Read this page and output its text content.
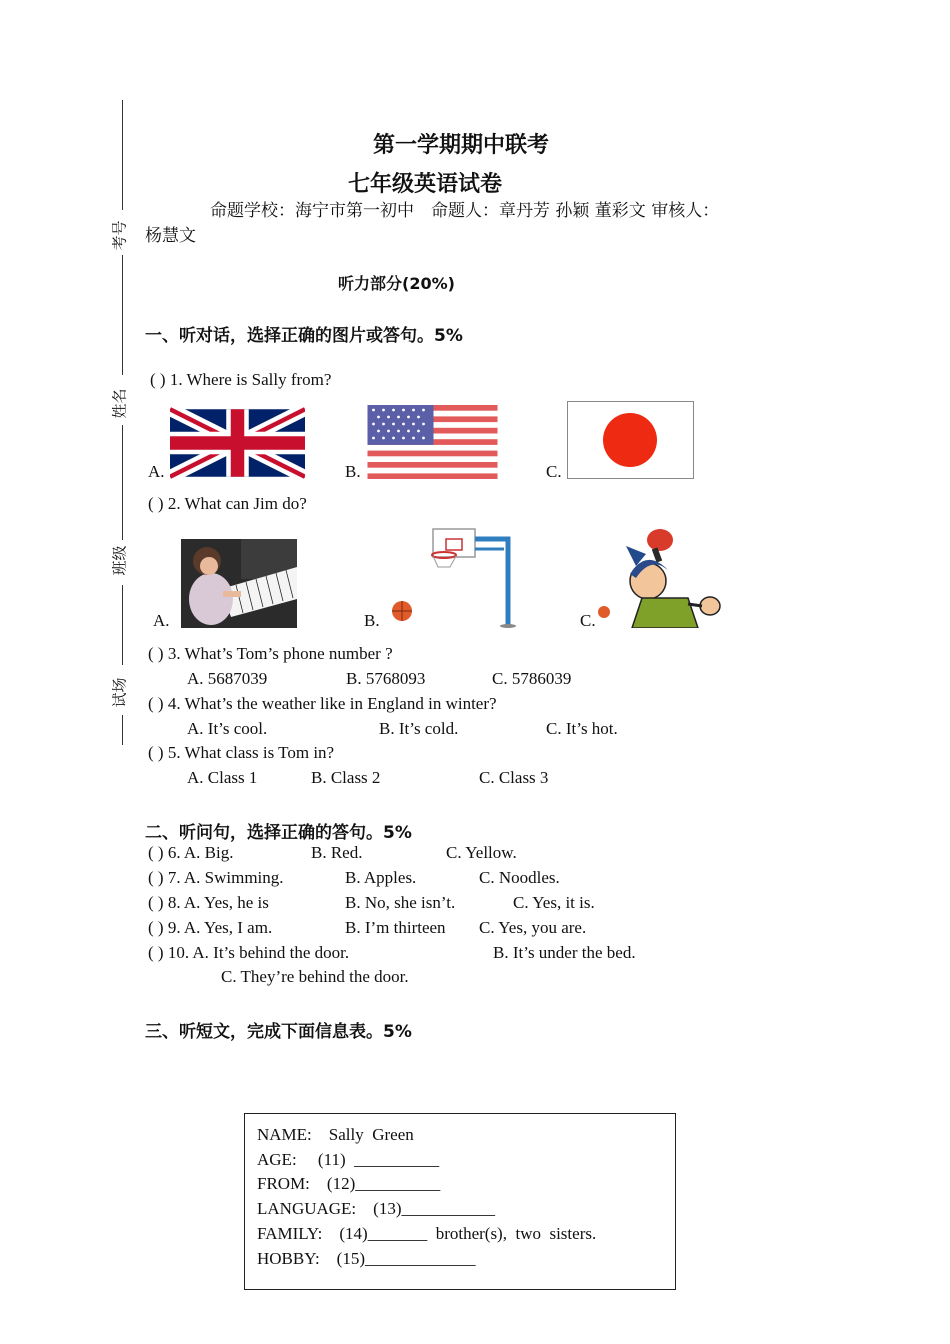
考号
姓名
班级
试场
第一学期期中联考
七年级英语试卷
命题学校：海宁市第一初中　命题人：章丹芳 孙颖 董彩文 审核人：
杨慧文
听力部分(20%)
一、听对话，选择正确的图片或答句。5%
( ) 1. Where is Sally from?
A.	B.	C.
( ) 2. What can Jim do?
A.	B.	C.
( ) 3. What’s Tom’s phone number ?
A. 5687039	B. 5768093	C. 5786039
( ) 4. What’s the weather like in England in winter?
A. It’s cool.	B. It’s cold.	C. It’s hot.
( ) 5. What class is Tom in?
A. Class 1	B. Class 2	C. Class 3
二、听问句，选择正确的答句。5%
( ) 6. A. Big.	B. Red.	C. Yellow.
( ) 7. A. Swimming.	B. Apples.	C. Noodles.
( ) 8. A. Yes, he is	B. No, she isn’t.	C. Yes, it is.
( ) 9. A. Yes, I am.	B. I’m thirteen C. Yes, you are.
( ) 10. A. It’s behind the door.	B. It’s under the bed.
C. They’re behind the door.
三、听短文，完成下面信息表。5%
NAME:    Sally  Green
AGE:     (11)  __________
FROM:    (12)__________
LANGUAGE:    (13)___________
FAMILY:    (14)_______  brother(s),  two  sisters.
HOBBY:    (15)_____________
